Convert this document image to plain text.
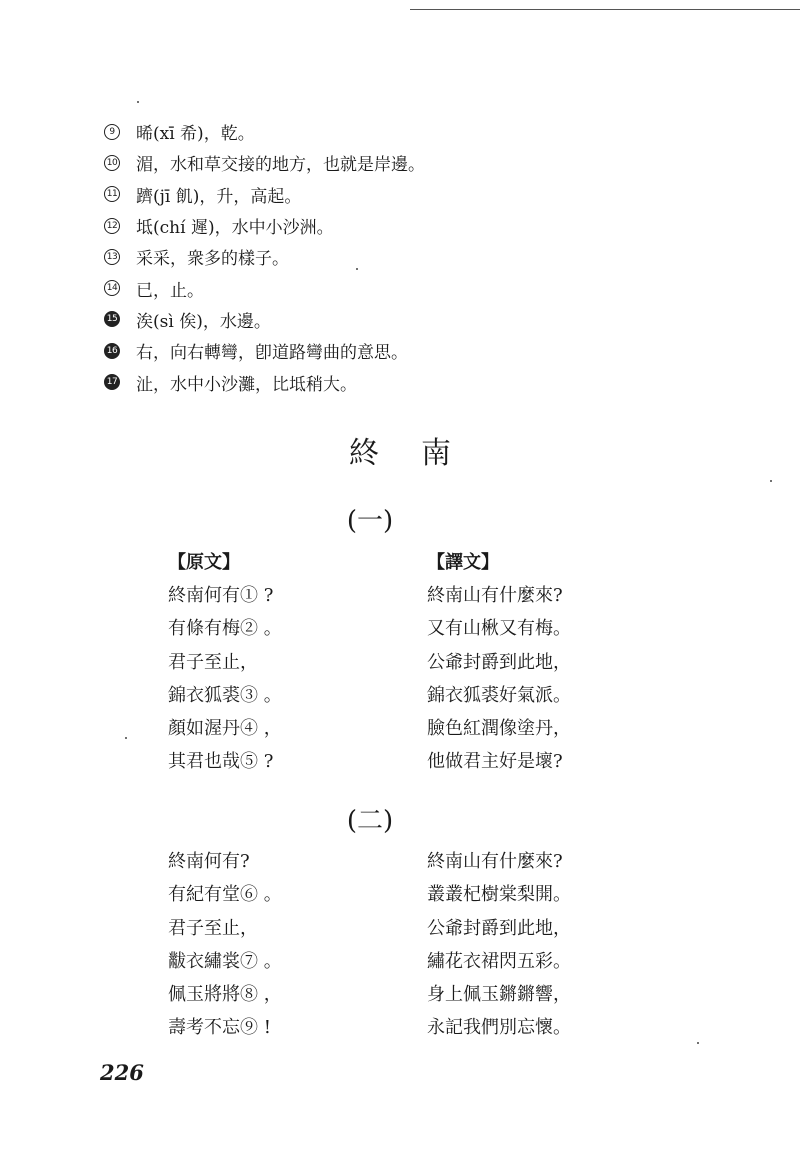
9	晞(xī 希)，乾。
10 湄，水和草交接的地方，也就是岸邊。
11 躋(jī 飢)，升，高起。
12 坻(chí 遲)，水中小沙洲。
13 采采，衆多的樣子。
14 已，止。
15 涘(sì 俟)，水邊。
16 右，向右轉彎，卽道路彎曲的意思。
17 沚，水中小沙灘，比坻稍大。
終南
(一)
【原文】
終南何有① ?
有條有梅② 。
君子至止，
錦衣狐裘③ 。
顏如渥丹④ ，
其君也哉⑤ ?
【譯文】
終南山有什麼來?
又有山楸又有梅。
公爺封爵到此地，
錦衣狐裘好氣派。
臉色紅潤像塗丹，
他做君主好是壞?
(二)
終南何有?
有紀有堂⑥ 。
君子至止，
黻衣繡裳⑦ 。
佩玉將將⑧ ，
壽考不忘⑨ !
終南山有什麼來?
叢叢杞樹棠梨開。
公爺封爵到此地，
繡花衣裙閃五彩。
身上佩玉鏘鏘響，
永記我們別忘懷。
226
